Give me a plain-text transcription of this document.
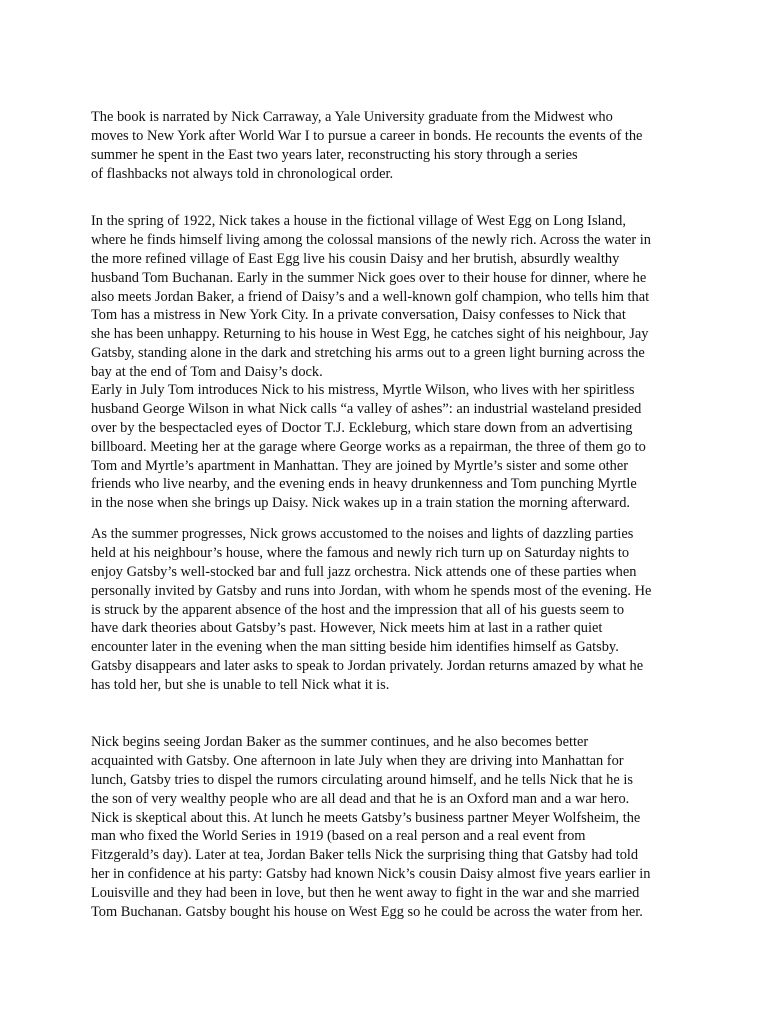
The book is narrated by Nick Carraway, a Yale University graduate from the Midwest who
moves to New York after World War I to pursue a career in bonds. He recounts the events of the
summer he spent in the East two years later, reconstructing his story through a series
of flashbacks not always told in chronological order.

In the spring of 1922, Nick takes a house in the fictional village of West Egg on Long Island,
where he finds himself living among the colossal mansions of the newly rich. Across the water in
the more refined village of East Egg live his cousin Daisy and her brutish, absurdly wealthy
husband Tom Buchanan. Early in the summer Nick goes over to their house for dinner, where he
also meets Jordan Baker, a friend of Daisy’s and a well-known golf champion, who tells him that
Tom has a mistress in New York City. In a private conversation, Daisy confesses to Nick that
she has been unhappy. Returning to his house in West Egg, he catches sight of his neighbour, Jay
Gatsby, standing alone in the dark and stretching his arms out to a green light burning across the
bay at the end of Tom and Daisy’s dock.

Early in July Tom introduces Nick to his mistress, Myrtle Wilson, who lives with her spiritless
husband George Wilson in what Nick calls “a valley of ashes”: an industrial wasteland presided
over by the bespectacled eyes of Doctor T.J. Eckleburg, which stare down from an advertising
billboard. Meeting her at the garage where George works as a repairman, the three of them go to
Tom and Myrtle’s apartment in Manhattan. They are joined by Myrtle’s sister and some other
friends who live nearby, and the evening ends in heavy drunkenness and Tom punching Myrtle
in the nose when she brings up Daisy. Nick wakes up in a train station the morning afterward.

As the summer progresses, Nick grows accustomed to the noises and lights of dazzling parties
held at his neighbour’s house, where the famous and newly rich turn up on Saturday nights to
enjoy Gatsby’s well-stocked bar and full jazz orchestra. Nick attends one of these parties when
personally invited by Gatsby and runs into Jordan, with whom he spends most of the evening. He
is struck by the apparent absence of the host and the impression that all of his guests seem to
have dark theories about Gatsby’s past. However, Nick meets him at last in a rather quiet
encounter later in the evening when the man sitting beside him identifies himself as Gatsby.
Gatsby disappears and later asks to speak to Jordan privately. Jordan returns amazed by what he
has told her, but she is unable to tell Nick what it is.

Nick begins seeing Jordan Baker as the summer continues, and he also becomes better
acquainted with Gatsby. One afternoon in late July when they are driving into Manhattan for
lunch, Gatsby tries to dispel the rumors circulating around himself, and he tells Nick that he is
the son of very wealthy people who are all dead and that he is an Oxford man and a war hero.
Nick is skeptical about this. At lunch he meets Gatsby’s business partner Meyer Wolfsheim, the
man who fixed the World Series in 1919 (based on a real person and a real event from
Fitzgerald’s day). Later at tea, Jordan Baker tells Nick the surprising thing that Gatsby had told
her in confidence at his party: Gatsby had known Nick’s cousin Daisy almost five years earlier in
Louisville and they had been in love, but then he went away to fight in the war and she married
Tom Buchanan. Gatsby bought his house on West Egg so he could be across the water from her.
